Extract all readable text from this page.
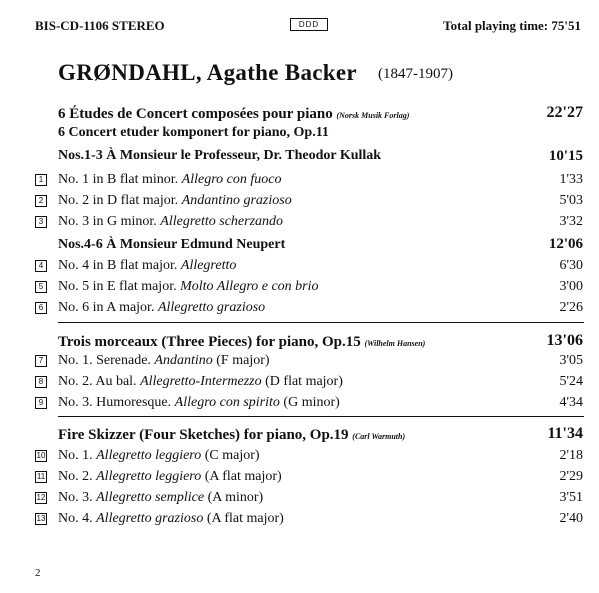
BIS-CD-1106 STEREO	DDD	Total playing time: 75'51
GRØNDAHL, Agathe Backer (1847-1907)
6 Études de Concert composées pour piano (Norsk Musik Forlag)	22'27
6 Concert etuder komponert for piano, Op.11
Nos.1-3 À Monsieur le Professeur, Dr. Theodor Kullak	10'15
1 No. 1 in B flat minor. Allegro con fuoco	1'33
2 No. 2 in D flat major. Andantino grazioso	5'03
3 No. 3 in G minor. Allegretto scherzando	3'32
Nos.4-6 À Monsieur Edmund Neupert	12'06
4 No. 4 in B flat major. Allegretto	6'30
5 No. 5 in E flat major. Molto Allegro e con brio	3'00
6 No. 6 in A major. Allegretto grazioso	2'26
Trois morceaux (Three Pieces) for piano, Op.15 (Wilhelm Hansen)	13'06
7 No. 1. Serenade. Andantino (F major)	3'05
8 No. 2. Au bal. Allegretto-Intermezzo (D flat major)	5'24
9 No. 3. Humoresque. Allegro con spirito (G minor)	4'34
Fire Skizzer (Four Sketches) for piano, Op.19 (Carl Warmuth)	11'34
10 No. 1. Allegretto leggiero (C major)	2'18
11 No. 2. Allegretto leggiero (A flat major)	2'29
12 No. 3. Allegretto semplice (A minor)	3'51
13 No. 4. Allegretto grazioso (A flat major)	2'40
2
